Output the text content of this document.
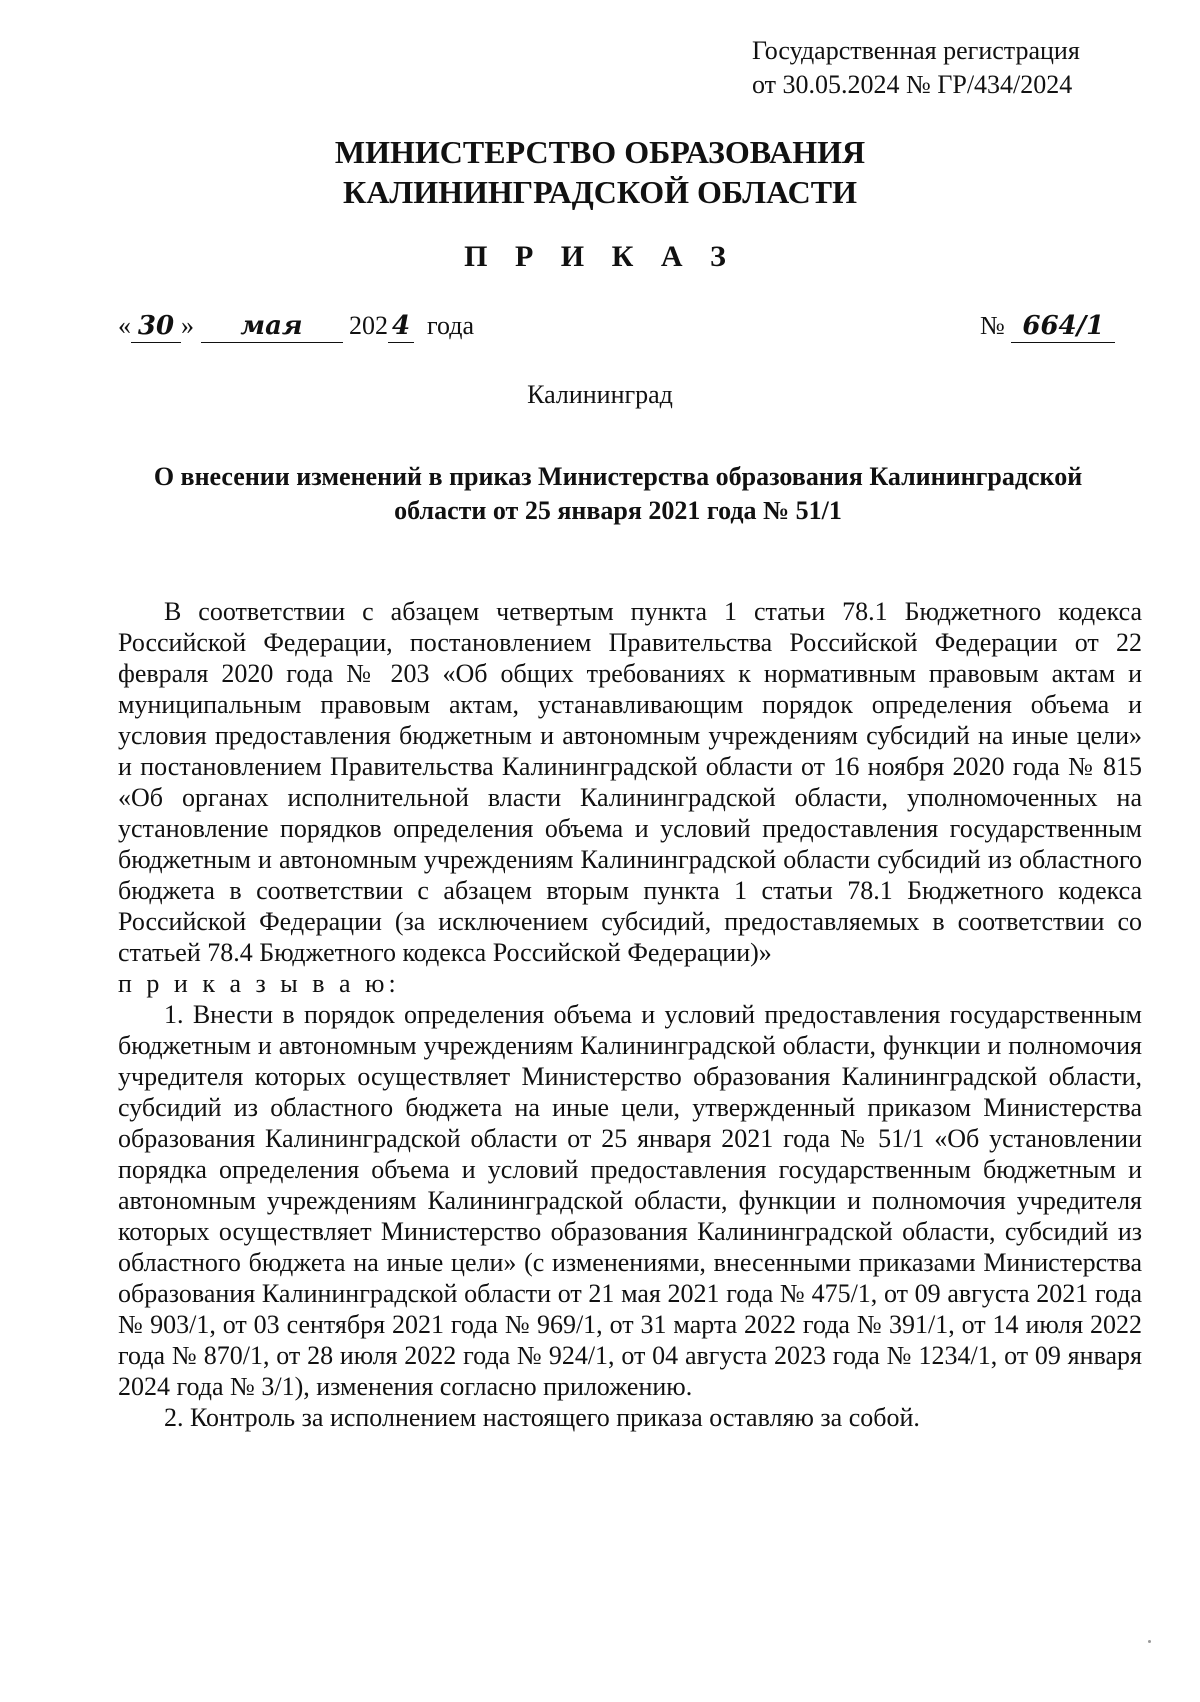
Государственная регистрация
от 30.05.2024 № ГР/434/2024
МИНИСТЕРСТВО ОБРАЗОВАНИЯ
КАЛИНИНГРАДСКОЙ ОБЛАСТИ
П Р И К А З
« 30 » мая 202 4 года	№ 664/1
Калининград
О внесении изменений в приказ Министерства образования Калининградской
области от 25 января 2021 года № 51/1

В соответствии с абзацем четвертым пункта 1 статьи 78.1 Бюджетного кодекса Российской Федерации, постановлением Правительства Российской Федерации от 22 февраля 2020 года № 203 «Об общих требованиях к нормативным правовым актам и муниципальным правовым актам, устанавливающим порядок определения объема и условия предоставления бюджетным и автономным учреждениям субсидий на иные цели» и постановлением Правительства Калининградской области от 16 ноября 2020 года № 815 «Об органах исполнительной власти Калининградской области, уполномоченных на установление порядков определения объема и условий предоставления государственным бюджетным и автономным учреждениям Калининградской области субсидий из областного бюджета в соответствии с абзацем вторым пункта 1 статьи 78.1 Бюджетного кодекса Российской Федерации (за исключением субсидий, предоставляемых в соответствии со статьей 78.4 Бюджетного кодекса Российской Федерации)»

п р и к а з ы в а ю:

1. Внести в порядок определения объема и условий предоставления государственным бюджетным и автономным учреждениям Калининградской области, функции и полномочия учредителя которых осуществляет Министерство образования Калининградской области, субсидий из областного бюджета на иные цели, утвержденный приказом Министерства образования Калининградской области от 25 января 2021 года № 51/1 «Об установлении порядка определения объема и условий предоставления государственным бюджетным и автономным учреждениям Калининградской области, функции и полномочия учредителя которых осуществляет Министерство образования Калининградской области, субсидий из областного бюджета на иные цели» (с изменениями, внесенными приказами Министерства образования Калининградской области от 21 мая 2021 года № 475/1, от 09 августа 2021 года № 903/1, от 03 сентября 2021 года № 969/1, от 31 марта 2022 года № 391/1, от 14 июля 2022 года № 870/1, от 28 июля 2022 года № 924/1, от 04 августа 2023 года № 1234/1, от 09 января 2024 года № 3/1), изменения согласно приложению.

2. Контроль за исполнением настоящего приказа оставляю за собой.
